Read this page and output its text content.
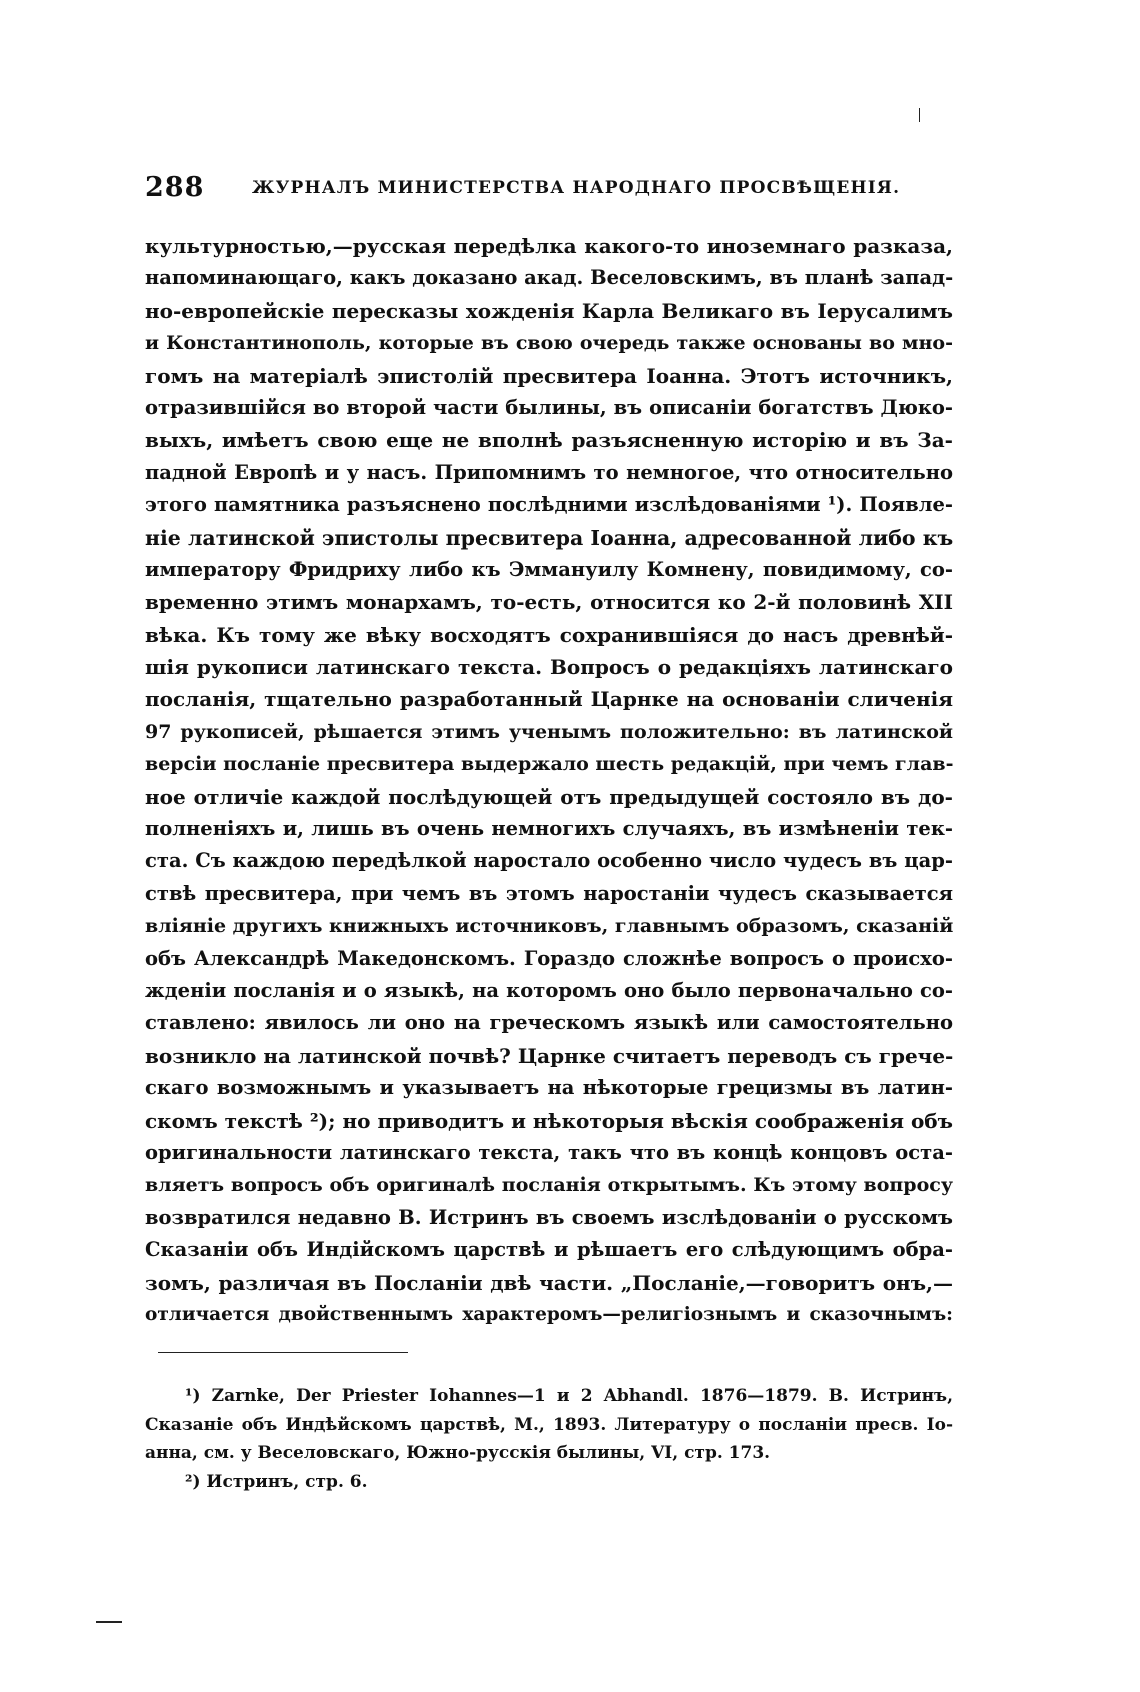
288	ЖУРНАЛЪ МИНИСТЕРСТВА НАРОДНАГО ПРОСВѢЩЕНІЯ.
культурностью,—русская передѣлка какого-то иноземнаго разказа,
напоминающаго, какъ доказано акад. Веселовскимъ, въ планѣ запад-
но-европейскіе пересказы хожденія Карла Великаго въ Іерусалимъ
и Константинополь, которые въ свою очередь также основаны во мно-
гомъ на матеріалѣ эпистолій пресвитера Іоанна. Этотъ источникъ,
отразившійся во второй части былины, въ описаніи богатствъ Дюко-
выхъ, имѣетъ свою еще не вполнѣ разъясненную исторію и въ За-
падной Европѣ и у насъ. Припомнимъ то немногое, что относительно
этого памятника разъяснено послѣдними изслѣдованіями ¹). Появле-
ніе латинской эпистолы пресвитера Іоанна, адресованной либо къ
императору Фридриху либо къ Эммануилу Комнену, повидимому, со-
временно этимъ монархамъ, то-есть, относится ко 2-й половинѣ XII
вѣка. Къ тому же вѣку восходятъ сохранившіяся до насъ древнѣй-
шія рукописи латинскаго текста. Вопросъ о редакціяхъ латинскаго
посланія, тщательно разработанный Царнке на основаніи сличенія
97 рукописей, рѣшается этимъ ученымъ положительно: въ латинской
версіи посланіе пресвитера выдержало шесть редакцій, при чемъ глав-
ное отличіе каждой послѣдующей отъ предыдущей состояло въ до-
полненіяхъ и, лишь въ очень немногихъ случаяхъ, въ измѣненіи тек-
ста. Съ каждою передѣлкой наростало особенно число чудесъ въ цар-
ствѣ пресвитера, при чемъ въ этомъ наростаніи чудесъ сказывается
вліяніе другихъ книжныхъ источниковъ, главнымъ образомъ, сказаній
объ Александрѣ Македонскомъ. Гораздо сложнѣе вопросъ о происхо-
жденіи посланія и о языкѣ, на которомъ оно было первоначально со-
ставлено: явилось ли оно на греческомъ языкѣ или самостоятельно
возникло на латинской почвѣ? Царнке считаетъ переводъ съ грече-
скаго возможнымъ и указываетъ на нѣкоторые грецизмы въ латин-
скомъ текстѣ ²); но приводитъ и нѣкоторыя вѣскія соображенія объ
оригинальности латинскаго текста, такъ что въ концѣ концовъ оста-
вляетъ вопросъ объ оригиналѣ посланія открытымъ. Къ этому вопросу
возвратился недавно В. Истринъ въ своемъ изслѣдованіи о русскомъ
Сказаніи объ Индійскомъ царствѣ и рѣшаетъ его слѣдующимъ обра-
зомъ, различая въ Посланіи двѣ части. „Посланіе,—говоритъ онъ,—
отличается двойственнымъ характеромъ—религіознымъ и сказочнымъ:
¹) Zarnke, Der Priester Iohannes—1 и 2 Abhandl. 1876—1879. В. Истринъ,
Сказаніе объ Индѣйскомъ царствѣ, М., 1893. Литературу о посланіи пресв. Іо-
анна, см. у Веселовскаго, Южно-русскія былины, VI, стр. 173.
²) Истринъ, стр. 6.
